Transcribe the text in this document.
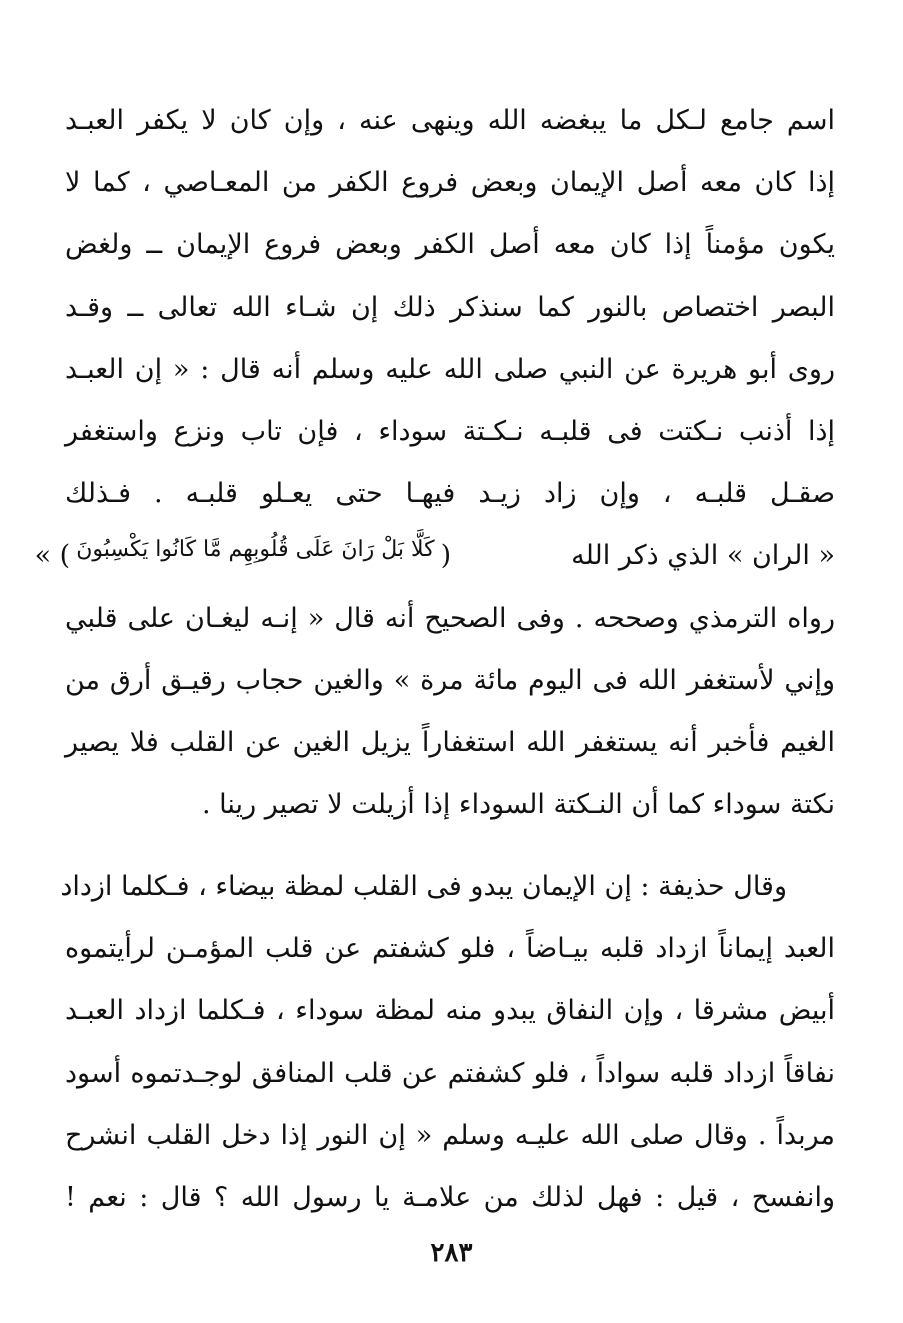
اسم جامع لـكل ما يبغضه الله وينهى عنه ، وإن كان لا يكفر العبـد
إذا كان معه أصل الإيمان وبعض فروع الكفر من المعـاصي ، كما لا
يكون مؤمناً إذا كان معه أصل الكفر وبعض فروع الإيمان ــ ولغض
البصر اختصاص بالنور كما سنذكر ذلك إن شـاء الله تعالى ــ وقـد
روى أبو هريرة عن النبي صلى الله عليه وسلم أنه قال : « إن العبـد
إذا أذنب نـكتت فى قلبـه نـكـتة سوداء ، فإن تاب ونزع واستغفر
صقـل قلبـه ، وإن زاد زيـد فيهـا حتى يعـلو قلبـه . فـذلك
« الران » الذي ذكر الله
(
كَلَّا بَلْ رَانَ عَلَى قُلُوبِهِم مَّا كَانُوا يَكْسِبُونَ
) »
رواه الترمذي وصححه . وفى الصحيح أنه قال « إنـه ليغـان على قلبي
وإني لأستغفر الله فى اليوم مائة مرة » والغين حجاب رقيـق أرق من
الغيم فأخبر أنه يستغفر الله استغفاراً يزيل الغين عن القلب فلا يصير
نكتة سوداء كما أن النـكتة السوداء إذا أزيلت لا تصير رينا .
وقال حذيفة : إن الإيمان يبدو فى القلب لمظة بيضاء ، فـكلما ازداد
العبد إيماناً ازداد قلبه بيـاضاً ، فلو كشفتم عن قلب المؤمـن لرأيتموه
أبيض مشرقا ، وإن النفاق يبدو منه لمظة سوداء ، فـكلما ازداد العبـد
نفاقاً ازداد قلبه سواداً ، فلو كشفتم عن قلب المنافق لوجـدتموه أسود
مربداً . وقال صلى الله عليـه وسلم « إن النور إذا دخل القلب انشرح
وانفسح ، قيل : فهل لذلك من علامـة يا رسول الله ؟ قال : نعم !
٢٨٣
